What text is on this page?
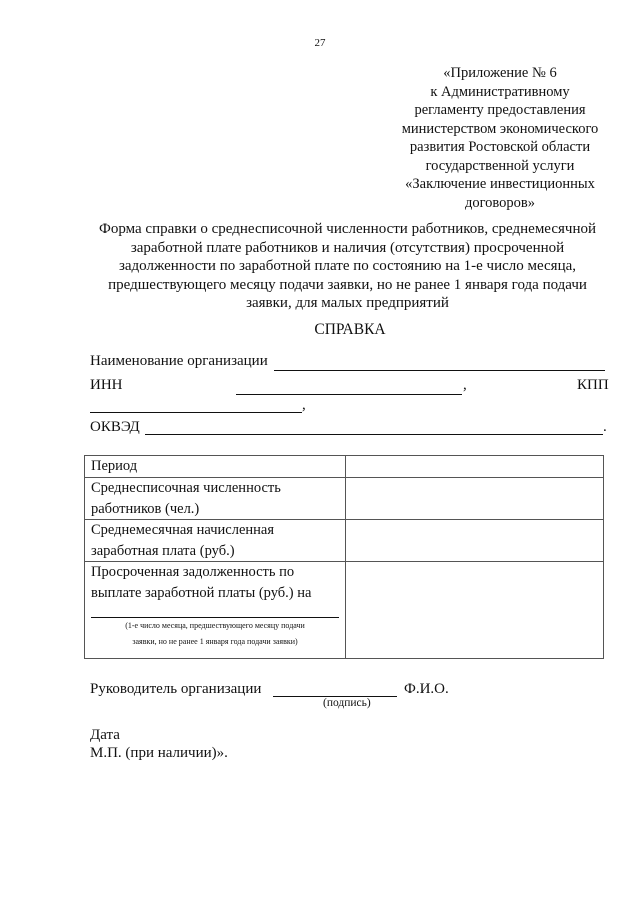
27
«Приложение № 6
к Административному
регламенту предоставления
министерством экономического
развития Ростовской области
государственной услуги
«Заключение инвестиционных
договоров»
Форма справки о среднесписочной численности работников, среднемесячной
заработной плате работников и наличия (отсутствия) просроченной
задолженности по заработной плате по состоянию на 1-е число месяца,
предшествующего месяцу подачи заявки, но не ранее 1 января года подачи
заявки, для малых предприятий
СПРАВКА
Наименование организации
ИНН	,	КПП
,
ОКВЭД	.
Период	

Среднесписочная численность
работников (чел.)	

Среднемесячная начисленная
заработная плата (руб.)	

Просроченная задолженность по
выплате заработной платы (руб.) на
(1-е число месяца, предшествующего месяцу подачи
заявки, но не ранее 1 января года подачи заявки)	

Руководитель организации	Ф.И.О.
(подпись)
Дата
М.П. (при наличии)».
